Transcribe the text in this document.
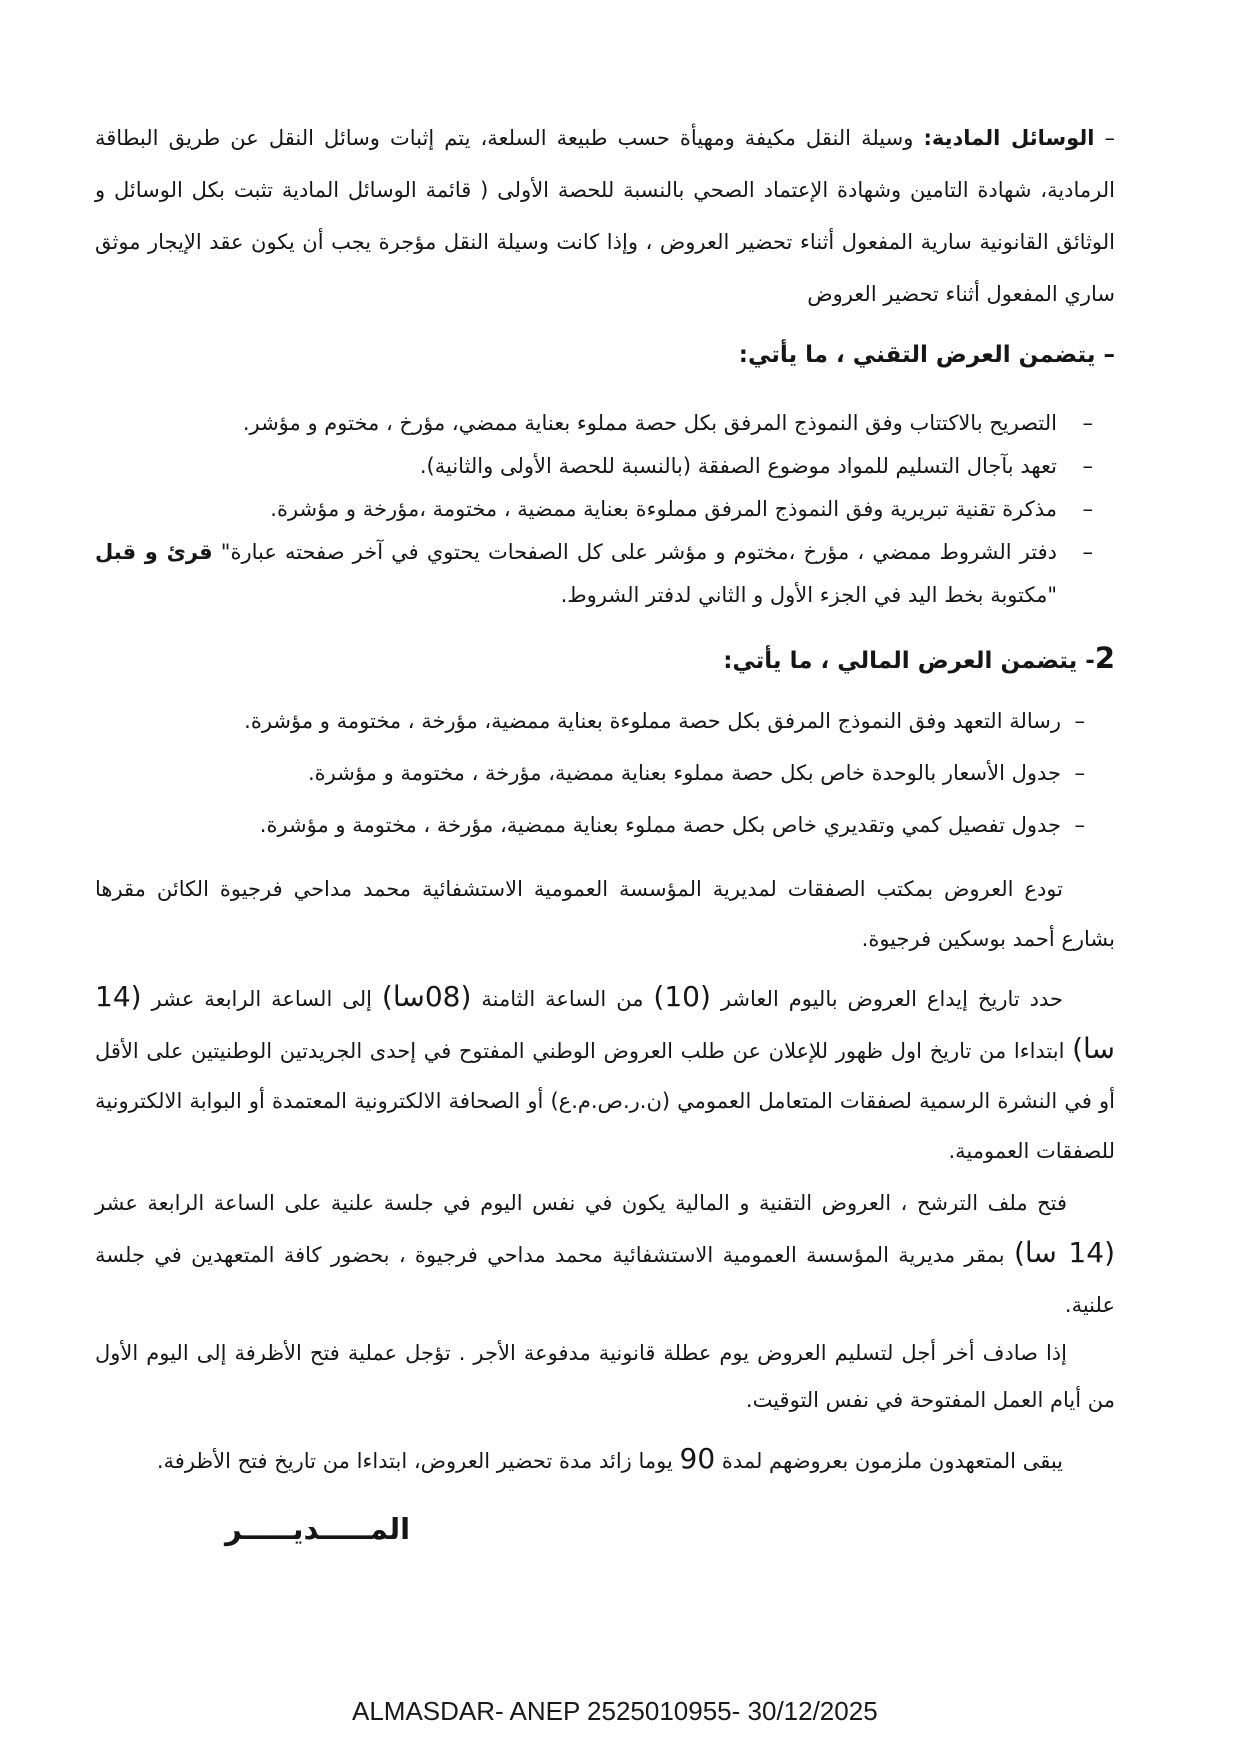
– الوسائل المادية: وسيلة النقل مكيفة ومهيأة حسب طبيعة السلعة، يتم إثبات وسائل النقل عن طريق البطاقة الرمادية، شهادة التامين وشهادة الإعتماد الصحي بالنسبة للحصة الأولى ( قائمة الوسائل المادية تثبت بكل الوسائل و الوثائق القانونية سارية المفعول أثناء تحضير العروض ، وإذا كانت وسيلة النقل مؤجرة يجب أن يكون عقد الإيجار موثق ساري المفعول أثناء تحضير العروض

– يتضمن العرض التقني ، ما يأتي:

–
التصريح بالاكتتاب وفق النموذج المرفق بكل حصة مملوء بعناية ممضي، مؤرخ ، مختوم و مؤشر.
–
تعهد بآجال التسليم للمواد موضوع الصفقة (بالنسبة للحصة الأولى والثانية).
–
مذكرة تقنية تبريرية وفق النموذج المرفق مملوءة بعناية ممضية ، مختومة ،مؤرخة و مؤشرة.
–
دفتر الشروط ممضي ، مؤرخ ،مختوم و مؤشر على كل الصفحات يحتوي في آخر صفحته عبارة" قرئ و قبل "مكتوبة بخط اليد في الجزء الأول و الثاني لدفتر الشروط.

2- يتضمن العرض المالي ، ما يأتي:

–
رسالة التعهد وفق النموذج المرفق بكل حصة مملوءة بعناية ممضية، مؤرخة ، مختومة و مؤشرة.
–
جدول الأسعار بالوحدة خاص بكل حصة مملوء بعناية ممضية، مؤرخة ، مختومة و مؤشرة.
–
جدول تفصيل كمي وتقديري خاص بكل حصة مملوء بعناية ممضية، مؤرخة ، مختومة و مؤشرة.

تودع العروض بمكتب الصفقات لمديرية المؤسسة العمومية الاستشفائية محمد مداحي فرجيوة الكائن مقرها بشارع أحمد بوسكين فرجيوة.

حدد تاريخ إيداع العروض باليوم العاشر (10) من الساعة الثامنة (08سا) إلى الساعة الرابعة عشر (14 سا) ابتداءا من تاريخ اول ظهور للإعلان عن طلب العروض الوطني المفتوح في إحدى الجريدتين الوطنيتين على الأقل أو في النشرة الرسمية لصفقات المتعامل العمومي (ن.ر.ص.م.ع) أو الصحافة الالكترونية المعتمدة أو البوابة الالكترونية للصفقات العمومية.

فتح ملف الترشح ، العروض التقنية و المالية يكون في نفس اليوم في جلسة علنية على الساعة الرابعة عشر (14 سا) بمقر مديرية المؤسسة العمومية الاستشفائية محمد مداحي فرجيوة ، بحضور كافة المتعهدين في جلسة علنية.

إذا صادف أخر أجل لتسليم العروض يوم عطلة قانونية مدفوعة الأجر . تؤجل عملية فتح الأظرفة إلى اليوم الأول من أيام العمل المفتوحة في نفس التوقيت.

يبقى المتعهدون ملزمون بعروضهم لمدة 90 يوما زائد مدة تحضير العروض، ابتداءا من تاريخ فتح الأظرفة.

المـــــديـــــر

ALMASDAR- ANEP 2525010955- 30/12/2025
